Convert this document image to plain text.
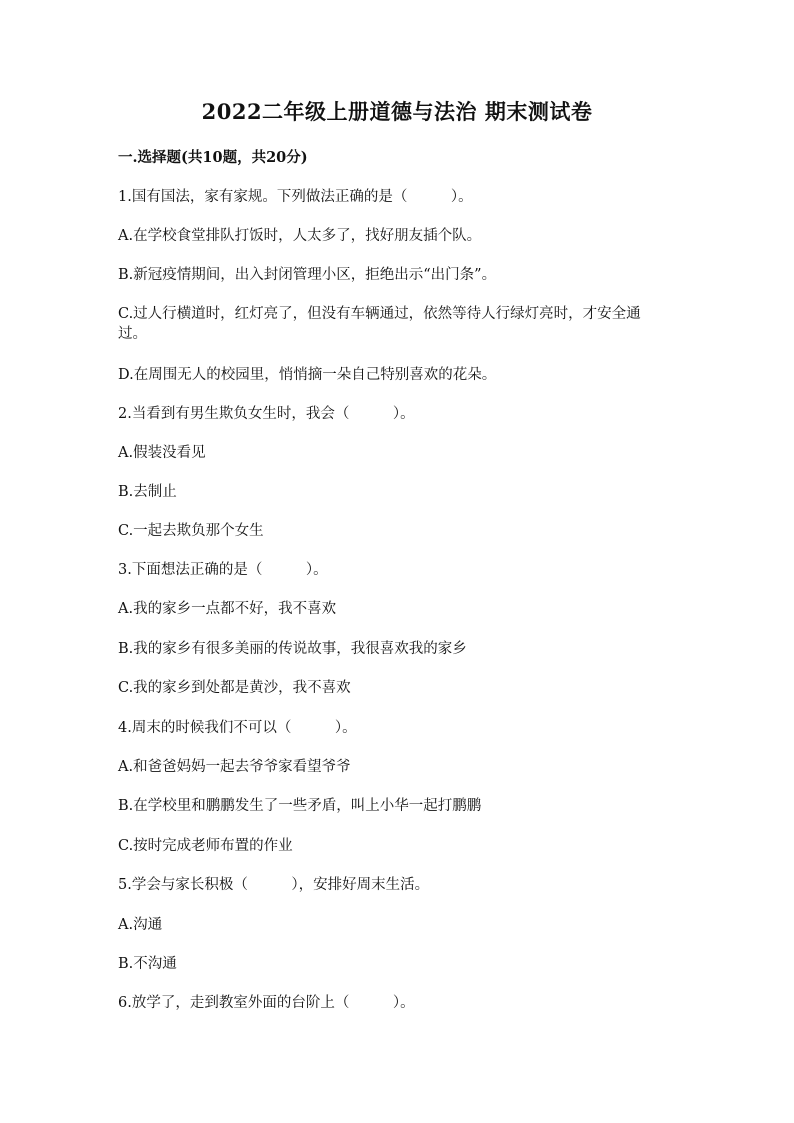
2022二年级上册道德与法治 期末测试卷
一.选择题(共10题，共20分)
1.国有国法，家有家规。下列做法正确的是（　　　）。
A.在学校食堂排队打饭时，人太多了，找好朋友插个队。
B.新冠疫情期间，出入封闭管理小区，拒绝出示“出门条”。
C.过人行横道时，红灯亮了，但没有车辆通过，依然等待人行绿灯亮时，才安全通过。
D.在周围无人的校园里，悄悄摘一朵自己特别喜欢的花朵。
2.当看到有男生欺负女生时，我会（　　　）。
A.假装没看见
B.去制止
C.一起去欺负那个女生
3.下面想法正确的是（　　　）。
A.我的家乡一点都不好，我不喜欢
B.我的家乡有很多美丽的传说故事，我很喜欢我的家乡
C.我的家乡到处都是黄沙，我不喜欢
4.周末的时候我们不可以（　　　）。
A.和爸爸妈妈一起去爷爷家看望爷爷
B.在学校里和鹏鹏发生了一些矛盾，叫上小华一起打鹏鹏
C.按时完成老师布置的作业
5.学会与家长积极（　　　），安排好周末生活。
A.沟通
B.不沟通
6.放学了，走到教室外面的台阶上（　　　）。
